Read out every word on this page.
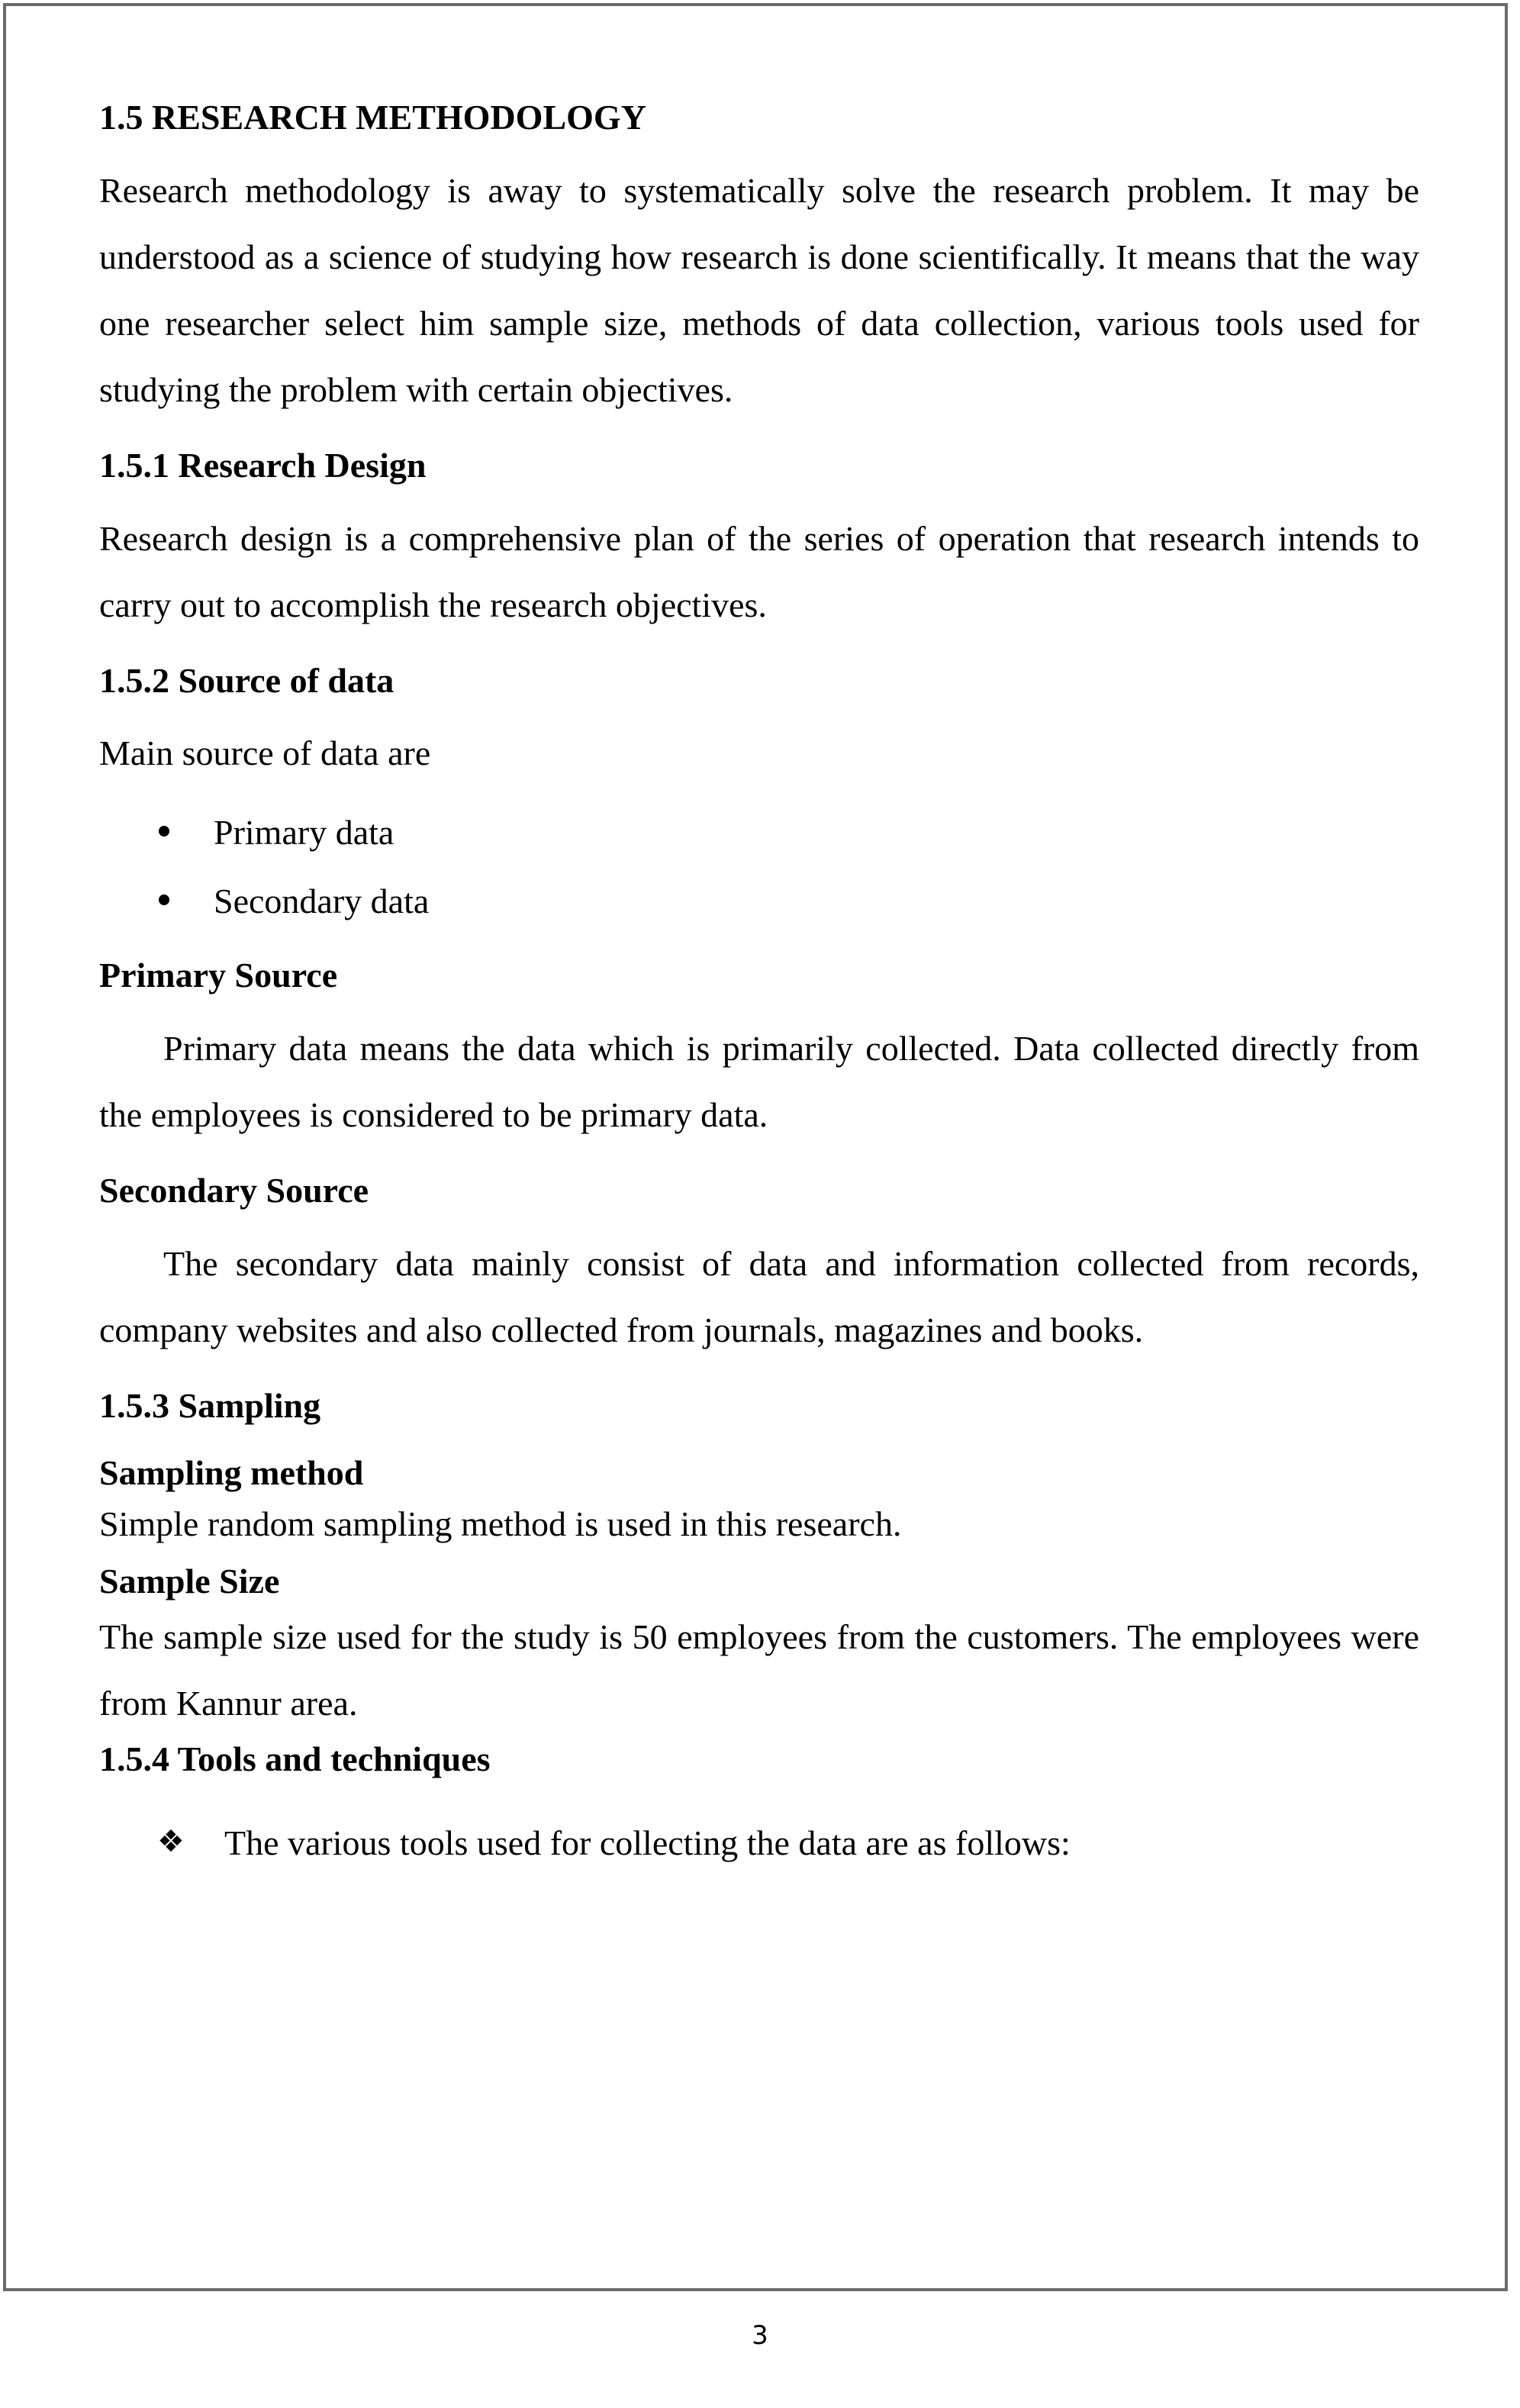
1.5 RESEARCH METHODOLOGY

Research methodology is away to systematically solve the research problem. It may be understood as a science of studying how research is done scientifically. It means that the way one researcher select him sample size, methods of data collection, various tools used for studying the problem with certain objectives.

1.5.1 Research Design

Research design is a comprehensive plan of the series of operation that research intends to carry out to accomplish the research objectives.

1.5.2 Source of data

Main source of data are

Primary data
Secondary data
Primary Source

Primary data means the data which is primarily collected. Data collected directly from the employees is considered to be primary data.

Secondary Source

The secondary data mainly consist of data and information collected from records, company websites and also collected from journals, magazines and books.

1.5.3 Sampling
Sampling method

Simple random sampling method is used in this research.

Sample Size

The sample size used for the study is 50 employees from the customers. The employees were from Kannur area.

1.5.4 Tools and techniques
❖ The various tools used for collecting the data are as follows:
3
